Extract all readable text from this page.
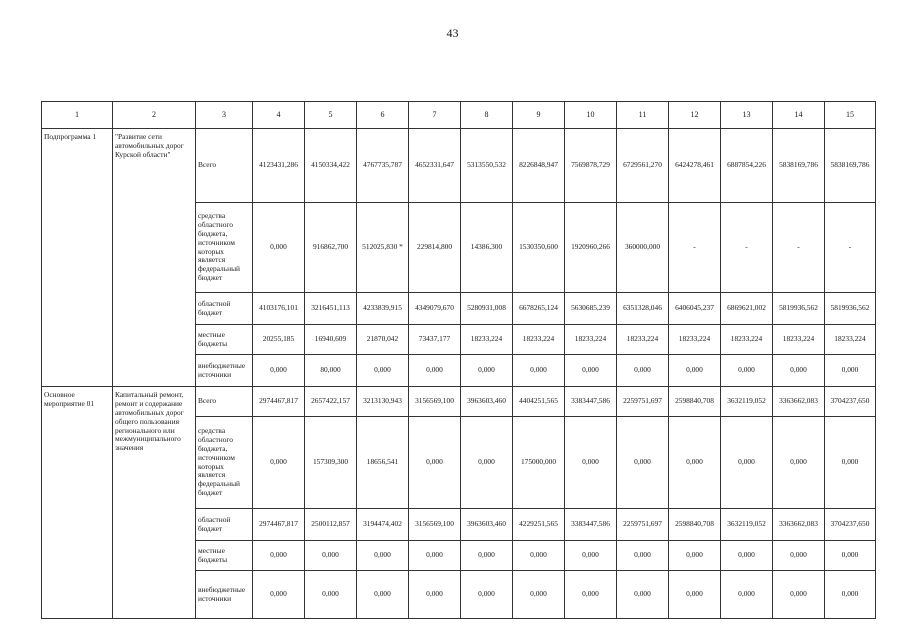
43
1	2	3	4	5	6	7	8	9	10	11	12	13	14	15
Подпрограмма 1	"Развитие сети автомобильных дорог Курской области"	Всего	4123431,286	4150334,422	4767735,787	4652331,647	5313550,532	8226848,947	7569878,729	6729561,270	6424278,461	6887854,226	5838169,786	5838169,786
		средства областного бюджета, источником которых является федеральный бюджет	0,000	916862,700	512025,830 *	229814,800	14386,300	1530350,600	1920960,266	360000,000	-	-	-	-
		областной бюджет	4103176,101	3216451,113	4233839,915	4349079,670	5280931,008	6678265,124	5630685,239	6351328,046	6406045,237	6869621,002	5819936,562	5819936,562
		местные бюджеты	20255,185	16940,609	21870,042	73437,177	18233,224	18233,224	18233,224	18233,224	18233,224	18233,224	18233,224	18233,224
		внебюджетные источники	0,000	80,000	0,000	0,000	0,000	0,000	0,000	0,000	0,000	0,000	0,000	0,000
Основное мероприятие 01	Капитальный ремонт, ремонт и содержание автомобильных дорог общего пользования регионального или межмуниципального значения	Всего	2974467,817	2657422,157	3213130,943	3156569,100	3963603,460	4404251,565	3383447,586	2259751,697	2598840,708	3632119,052	3363662,083	3704237,650
		средства областного бюджета, источником которых является федеральный бюджет	0,000	157309,300	18656,541	0,000	0,000	175000,000	0,000	0,000	0,000	0,000	0,000	0,000
		областной бюджет	2974467,817	2500112,857	3194474,402	3156569,100	3963603,460	4229251,565	3383447,586	2259751,697	2598840,708	3632119,052	3363662,083	3704237,650
		местные бюджеты	0,000	0,000	0,000	0,000	0,000	0,000	0,000	0,000	0,000	0,000	0,000	0,000
		внебюджетные источники	0,000	0,000	0,000	0,000	0,000	0,000	0,000	0,000	0,000	0,000	0,000	0,000
